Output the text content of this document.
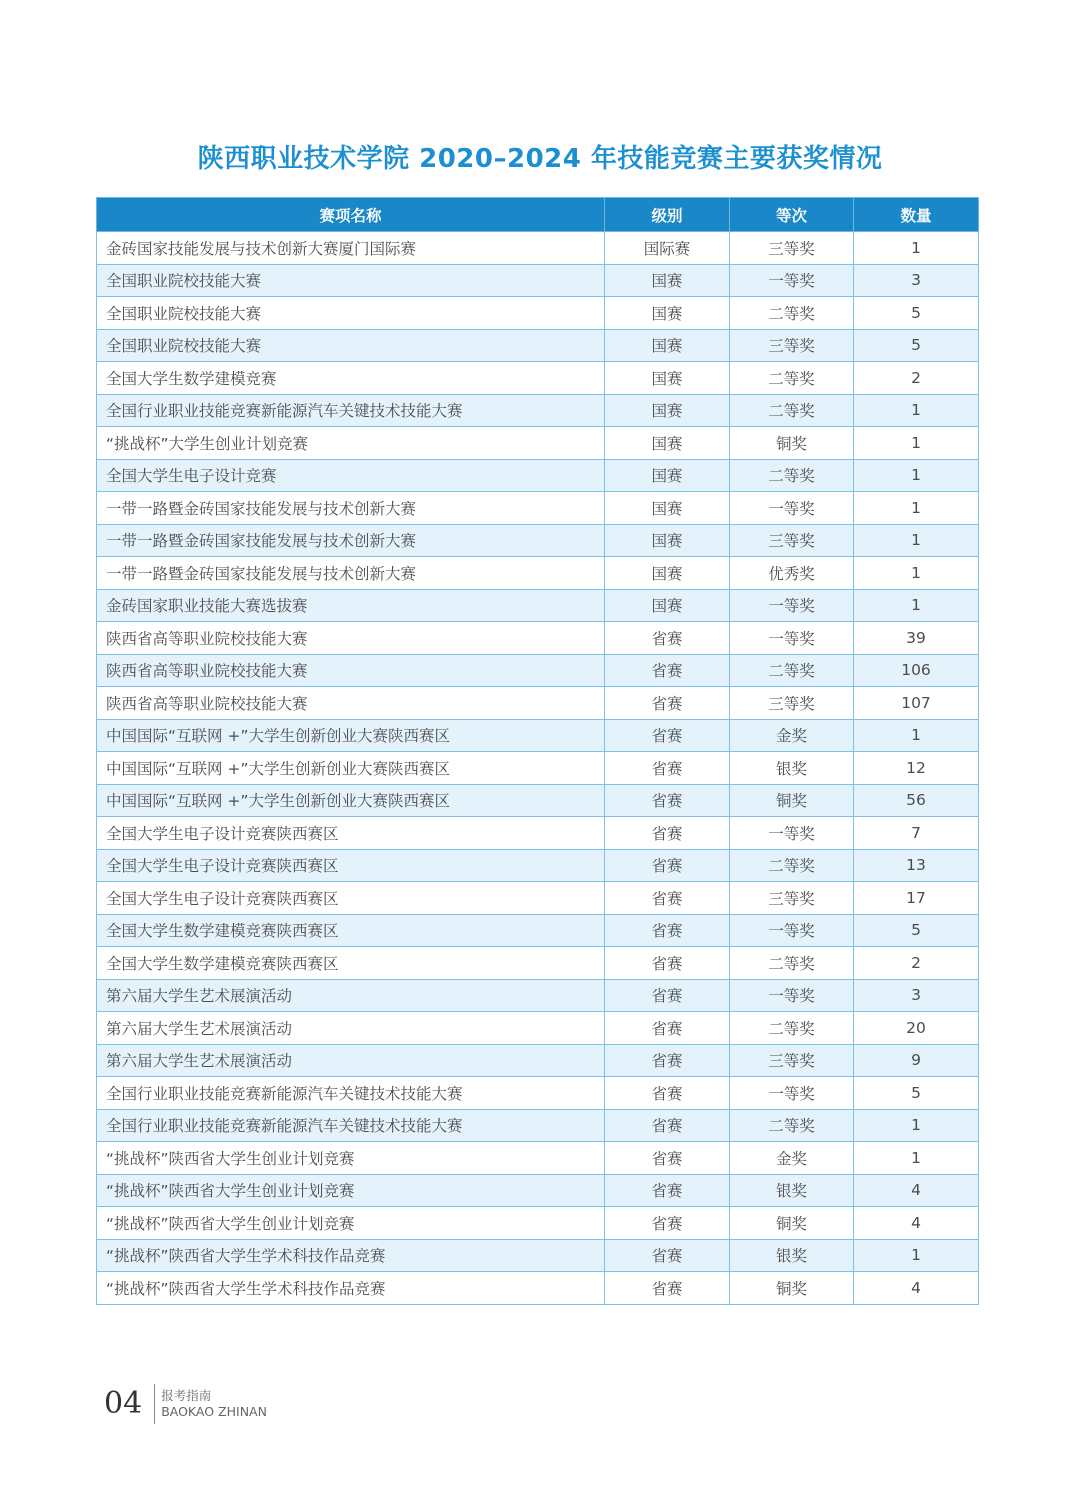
陕西职业技术学院 2020–2024 年技能竞赛主要获奖情况
赛项名称	级别	等次	数量
金砖国家技能发展与技术创新大赛厦门国际赛	国际赛	三等奖	1
全国职业院校技能大赛	国赛	一等奖	3
全国职业院校技能大赛	国赛	二等奖	5
全国职业院校技能大赛	国赛	三等奖	5
全国大学生数学建模竞赛	国赛	二等奖	2
全国行业职业技能竞赛新能源汽车关键技术技能大赛	国赛	二等奖	1
“挑战杯”大学生创业计划竞赛	国赛	铜奖	1
全国大学生电子设计竞赛	国赛	二等奖	1
一带一路暨金砖国家技能发展与技术创新大赛	国赛	一等奖	1
一带一路暨金砖国家技能发展与技术创新大赛	国赛	三等奖	1
一带一路暨金砖国家技能发展与技术创新大赛	国赛	优秀奖	1
金砖国家职业技能大赛选拔赛	国赛	一等奖	1
陕西省高等职业院校技能大赛	省赛	一等奖	39
陕西省高等职业院校技能大赛	省赛	二等奖	106
陕西省高等职业院校技能大赛	省赛	三等奖	107
中国国际“互联网 +”大学生创新创业大赛陕西赛区	省赛	金奖	1
中国国际“互联网 +”大学生创新创业大赛陕西赛区	省赛	银奖	12
中国国际“互联网 +”大学生创新创业大赛陕西赛区	省赛	铜奖	56
全国大学生电子设计竞赛陕西赛区	省赛	一等奖	7
全国大学生电子设计竞赛陕西赛区	省赛	二等奖	13
全国大学生电子设计竞赛陕西赛区	省赛	三等奖	17
全国大学生数学建模竞赛陕西赛区	省赛	一等奖	5
全国大学生数学建模竞赛陕西赛区	省赛	二等奖	2
第六届大学生艺术展演活动	省赛	一等奖	3
第六届大学生艺术展演活动	省赛	二等奖	20
第六届大学生艺术展演活动	省赛	三等奖	9
全国行业职业技能竞赛新能源汽车关键技术技能大赛	省赛	一等奖	5
全国行业职业技能竞赛新能源汽车关键技术技能大赛	省赛	二等奖	1
“挑战杯”陕西省大学生创业计划竞赛	省赛	金奖	1
“挑战杯”陕西省大学生创业计划竞赛	省赛	银奖	4
“挑战杯”陕西省大学生创业计划竞赛	省赛	铜奖	4
“挑战杯”陕西省大学生学术科技作品竞赛	省赛	银奖	1
“挑战杯”陕西省大学生学术科技作品竞赛	省赛	铜奖	4
04 报考指南
BAOKAO ZHINAN
